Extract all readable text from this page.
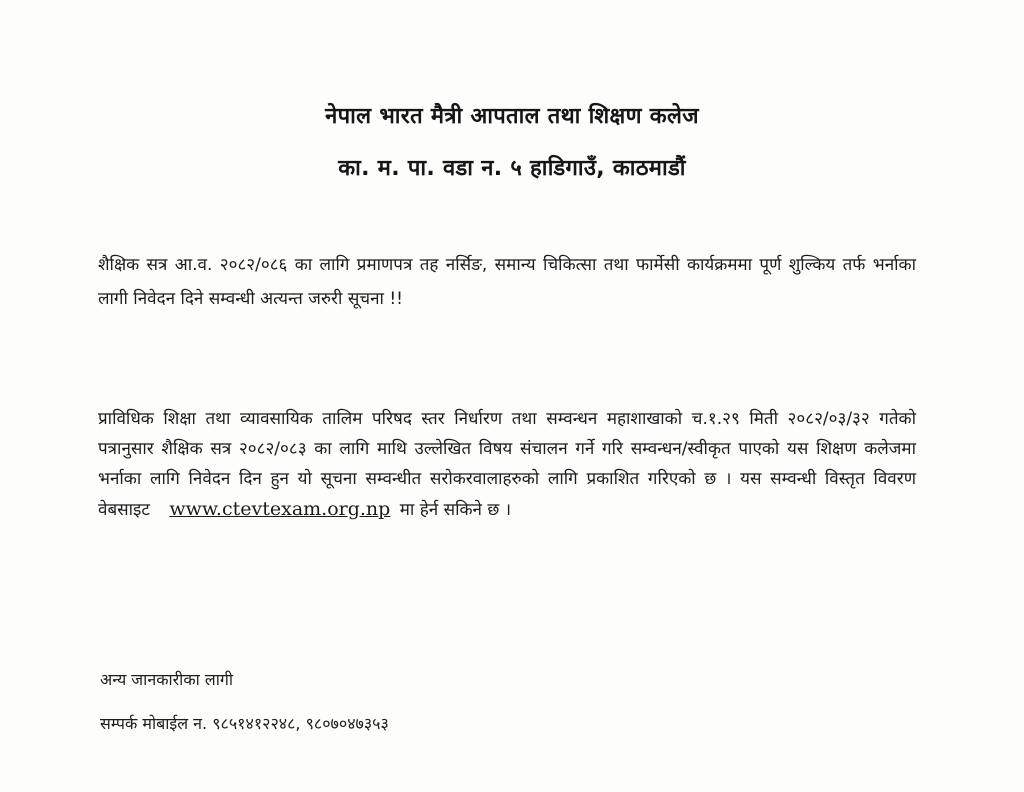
नेपाल भारत मैत्री आपताल तथा शिक्षण कलेज
का. म. पा. वडा न. ५ हाडिगाउँ, काठमाडौं
शैक्षिक सत्र आ.व. २०८२/०८६ का लागि प्रमाणपत्र तह नर्सिङ, समान्य चिकित्सा तथा फार्मेसी कार्यक्रममा पूर्ण शुल्किय तर्फ भर्नाका लागी निवेदन दिने सम्वन्धी अत्यन्त जरुरी सूचना !!
प्राविधिक शिक्षा तथा व्यावसायिक तालिम परिषद स्तर निर्धारण तथा सम्वन्धन महाशाखाको च.१.२९ मिती २०८२/०३/३२ गतेको पत्रानुसार शैक्षिक सत्र २०८२/०८३ का लागि माथि उल्लेखित विषय संचालन गर्ने गरि सम्वन्धन/स्वीकृत पाएको यस शिक्षण कलेजमा भर्नाका लागि निवेदन दिन हुन यो सूचना सम्वन्धीत सरोकरवालाहरुको लागि प्रकाशित गरिएको छ । यस सम्वन्धी विस्तृत विवरण वेबसाइट www.ctevtexam.org.np मा हेर्न सकिने छ ।
अन्य जानकारीका लागी
सम्पर्क मोबाईल न. ९८५१४१२२४८, ९८०७०४७३५३
